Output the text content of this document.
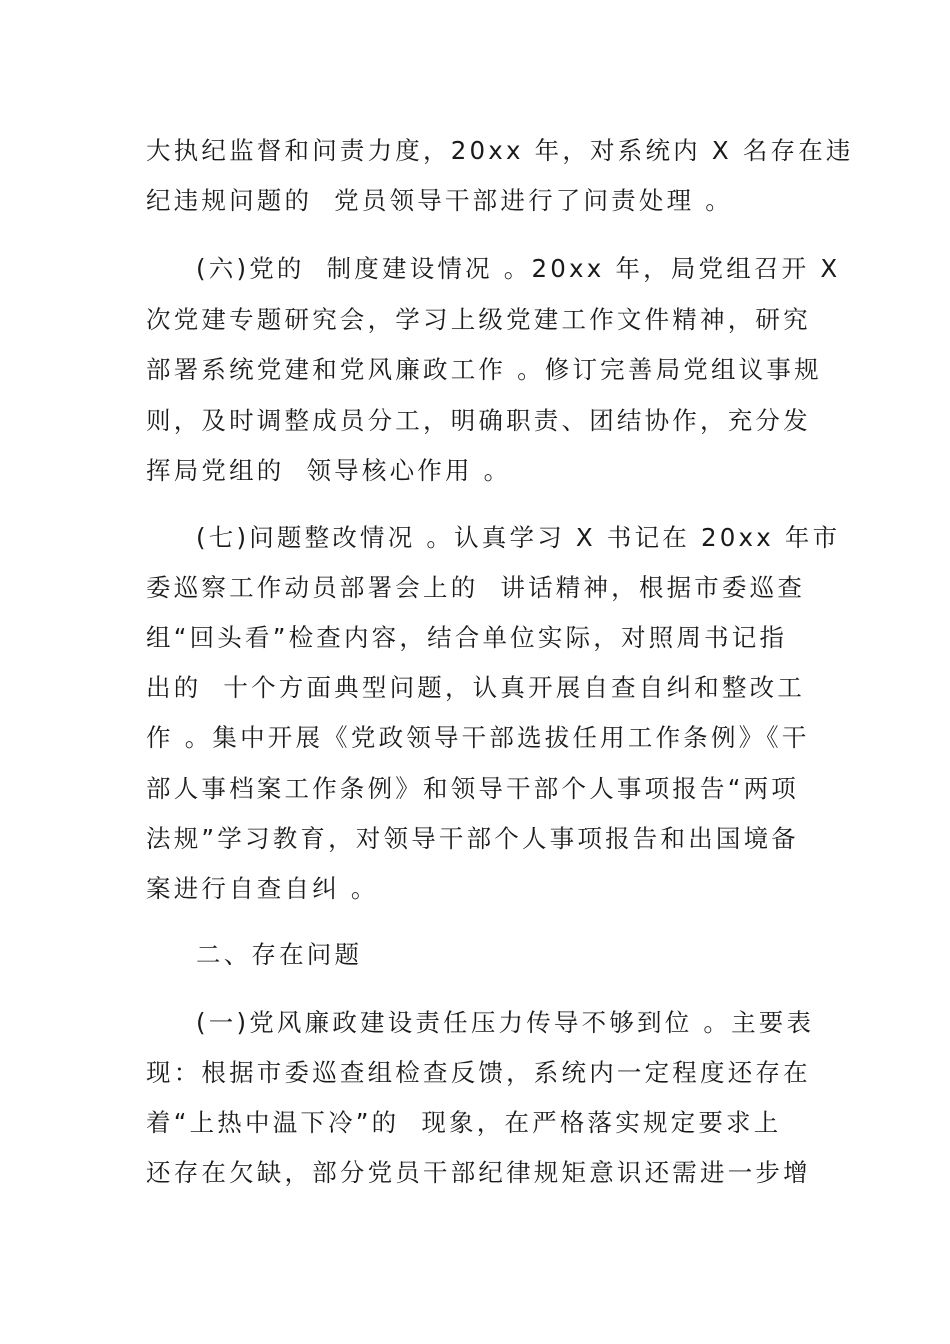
大执纪监督和问责力度，20xx 年，对系统内 X 名存在违
纪违规问题的  党员领导干部进行了问责处理 。
(六)党的  制度建设情况 。20xx 年，局党组召开 X
次党建专题研究会，学习上级党建工作文件精神，研究
部署系统党建和党风廉政工作 。修订完善局党组议事规
则，及时调整成员分工，明确职责、团结协作，充分发
挥局党组的  领导核心作用 。
(七)问题整改情况 。认真学习 X 书记在 20xx 年市
委巡察工作动员部署会上的  讲话精神，根据市委巡查
组“回头看”检查内容，结合单位实际，对照周书记指
出的  十个方面典型问题，认真开展自查自纠和整改工
作 。集中开展《党政领导干部选拔任用工作条例》《干
部人事档案工作条例》和领导干部个人事项报告“两项
法规”学习教育，对领导干部个人事项报告和出国境备
案进行自查自纠 。
二、存在问题
(一)党风廉政建设责任压力传导不够到位 。主要表
现：根据市委巡查组检查反馈，系统内一定程度还存在
着“上热中温下冷”的  现象，在严格落实规定要求上
还存在欠缺，部分党员干部纪律规矩意识还需进一步增
